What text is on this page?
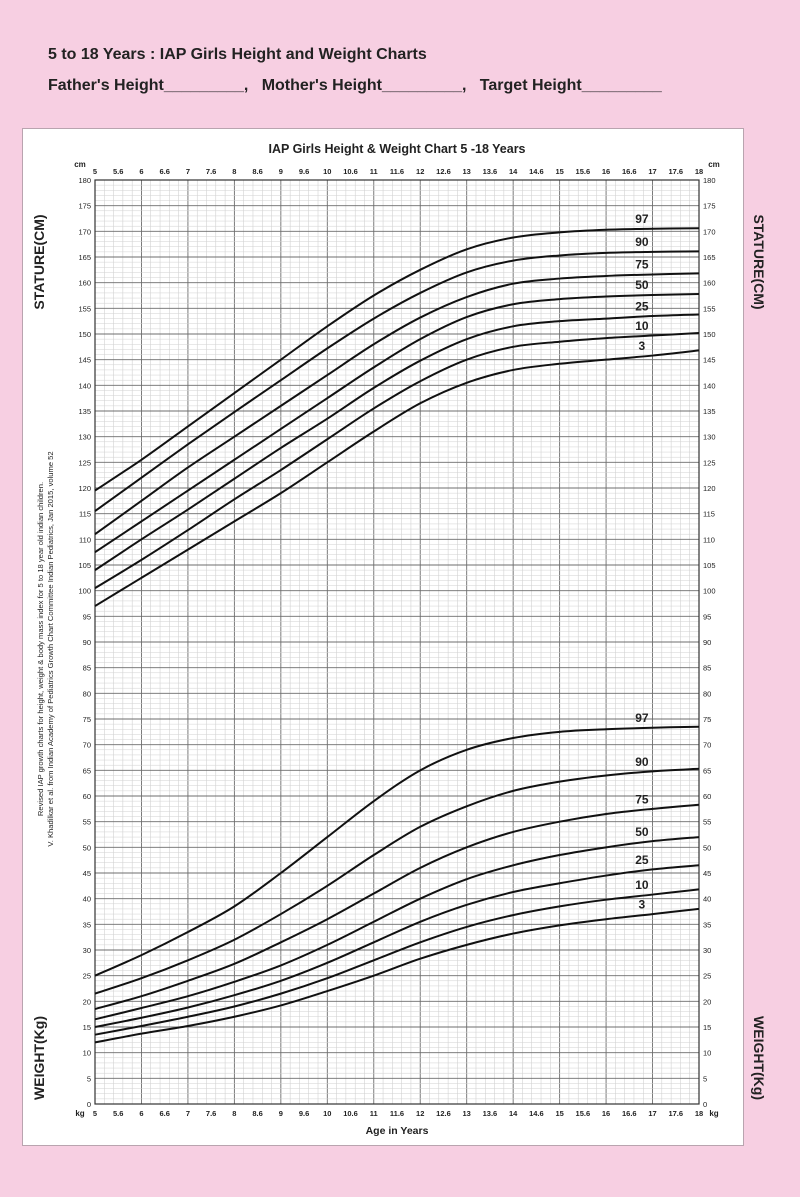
5 to 18 Years : IAP Girls Height and Weight Charts
Father's Height_________,   Mother's Height_________,   Target Height_________
5
5
5.6
5.6
6
6
6.6
6.6
7
7
7.6
7.6
8
8
8.6
8.6
9
9
9.6
9.6
10
10
10.6
10.6
11
11
11.6
11.6
12
12
12.6
12.6
13
13
13.6
13.6
14
14
14.6
14.6
15
15
15.6
15.6
16
16
16.6
16.6
17
17
17.6
17.6
18
18
0	0
5	5
10	10
15	15
20	20
25	25
30	30
35	35
40	40
45	45
50	50
55	55
60	60
65	65
70	70
75	75
80	80
85	85
90	90
95	95
100	100
105	105
110	110
115	115
120	120
125	125
130	130
135	135
140	140
145	145
150	150
155	155
160	160
165	165
170	170
175	175
180	180
cm	cm
kg	kg
IAP Girls Height & Weight Chart 5 -18 Years
Age in Years
Revised IAP growth charts for height, weight & body mass index for 5 to 18 year old indian children. V. Khadilkar et al. from Indian Academy of Pediatrics Growth Chart Committee Indian Pediatrics, Jan 2015, volume 52
97
90
75
50
25
10
3
97
90
75
50
25
10
3
STATURE(CM)	STATURE(CM)
WEIGHT(Kg)	WEIGHT(Kg)
